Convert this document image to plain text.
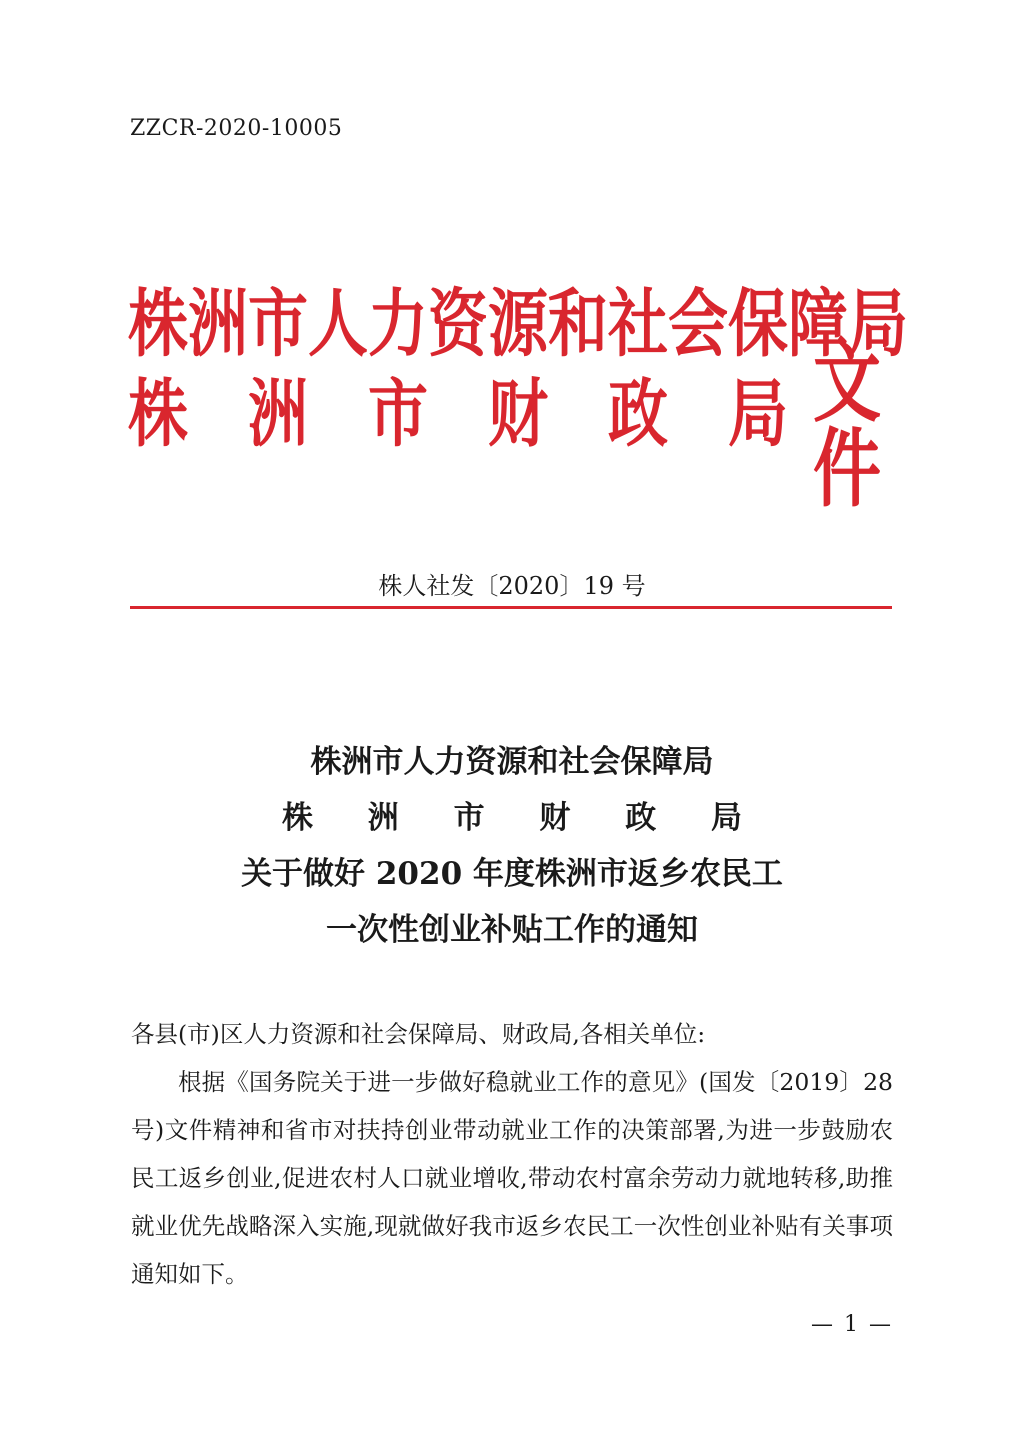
ZZCR-2020-10005
株 洲 市 人 力 资 源 和 社 会 保 障 局
株 洲 市 财 政 局 文件
株人社发〔2020〕19 号
株洲市人力资源和社会保障局
株 洲 市 财 政 局
关于做好 2020 年度株洲市返乡农民工
一次性创业补贴工作的通知
各县(市)区人力资源和社会保障局、财政局,各相关单位:
根据《国务院关于进一步做好稳就业工作的意见》(国发〔2019〕28 号)文件精神和省市对扶持创业带动就业工作的决策部署,为进一步鼓励农民工返乡创业,促进农村人口就业增收,带动农村富余劳动力就地转移,助推就业优先战略深入实施,现就做好我市返乡农民工一次性创业补贴有关事项通知如下。
— 1 —
